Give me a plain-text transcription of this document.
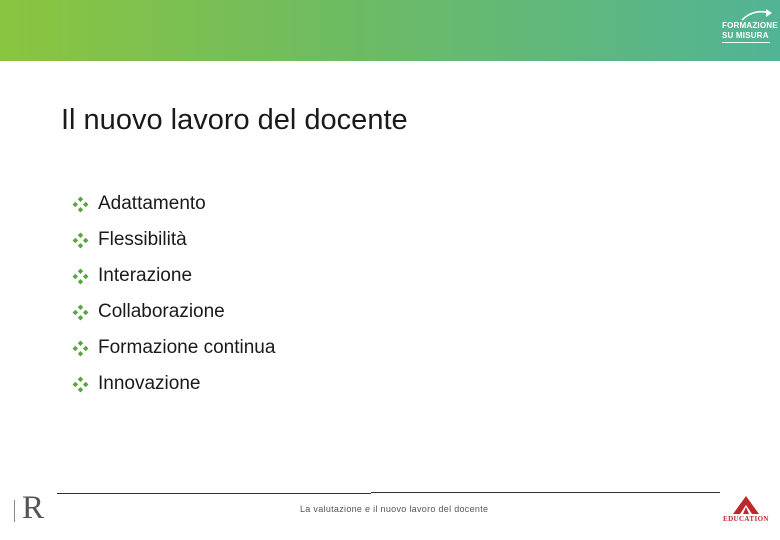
FORMAZIONE
SU MISURA
Il nuovo lavoro del docente
Adattamento
Flessibilità
Interazione
Collaborazione
Formazione continua
Innovazione
La valutazione e il nuovo lavoro del docente
R	EDUCATION
